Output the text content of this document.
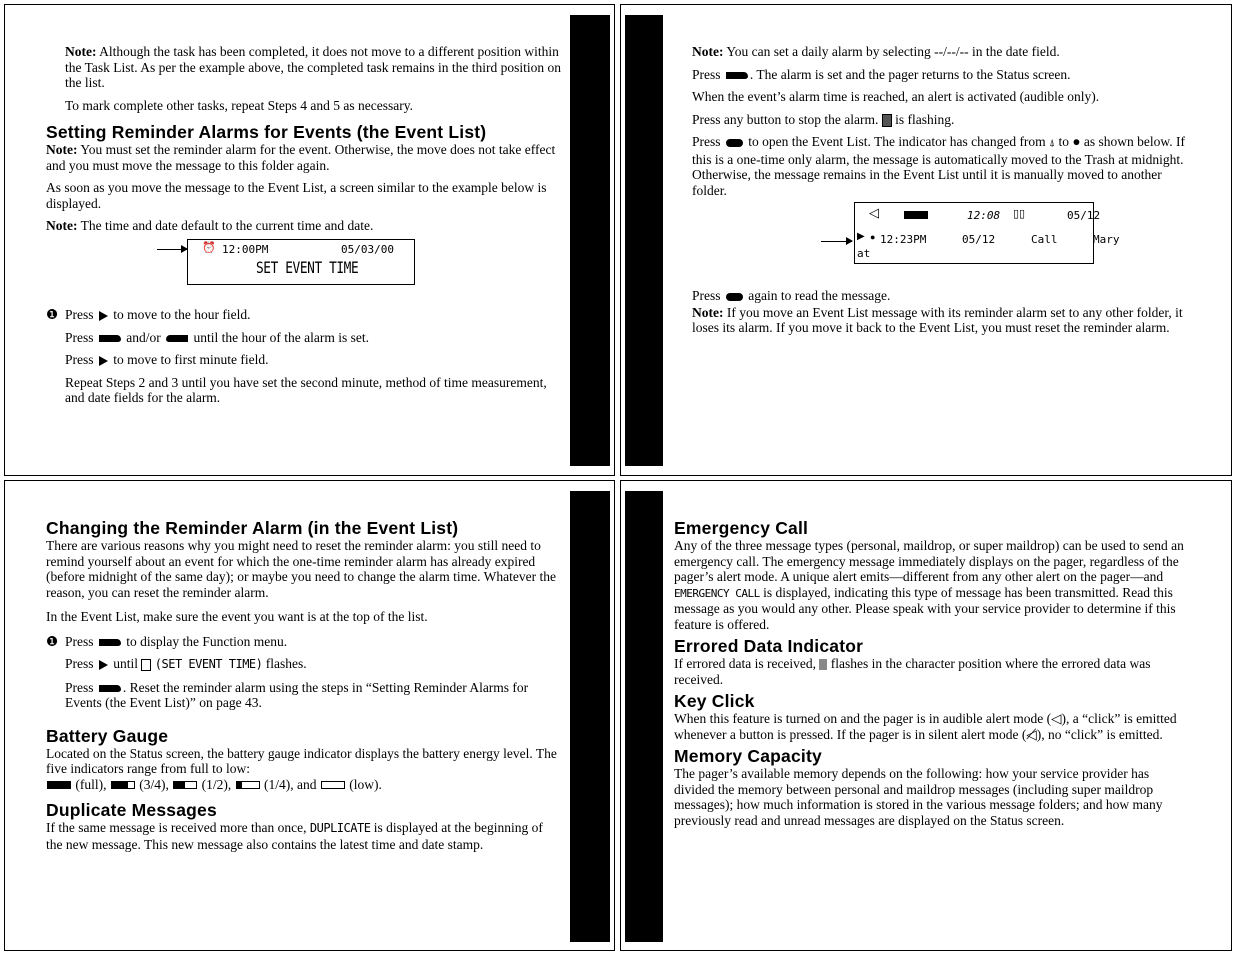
Note: Although the task has been completed, it does not move to a different position within the Task List. As per the example above, the completed task remains in the third position on the list.

To mark complete other tasks, repeat Steps 4 and 5 as necessary.

Setting Reminder Alarms for Events (the Event List)

Note: You must set the reminder alarm for the event. Otherwise, the move does not take effect and you must move the message to this folder again.

As soon as you move the message to the Event List, a screen similar to the example below is displayed.

Note: The time and date default to the current time and date.

⏰ 12:00PM	05/03/00
SET EVENT TIME

❶ Press  to move to the hour field.

Press  and/or  until the hour of the alarm is set.

Press  to move to first minute field.

Repeat Steps 2 and 3 until you have set the second minute, method of time measurement, and date fields for the alarm.

Note: You can set a daily alarm by selecting --/--/-- in the date field.

Press . The alarm is set and the pager returns to the Status screen.

When the event’s alarm time is reached, an alert is activated (audible only).

Press any button to stop the alarm.  is flashing.

Press  to open the Event List. The indicator has changed from ⍋ to ● as shown below. If this is a one-time only alarm, the message is automatically moved to the Trash at midnight. Otherwise, the message remains in the Event List until it is manually moved to another folder.

◁	12:08 ▯▯	05/12
▶ ● 12:23PM	05/12	Call	Mary
at

Press  again to read the message.

Note: If you move an Event List message with its reminder alarm set to any other folder, it loses its alarm. If you move it back to the Event List, you must reset the reminder alarm.

Changing the Reminder Alarm (in the Event List)

There are various reasons why you might need to reset the reminder alarm: you still need to remind yourself about an event for which the one-time reminder alarm has already expired (before midnight of the same day); or maybe you need to change the alarm time. Whatever the reason, you can reset the reminder alarm.

In the Event List, make sure the event you want is at the top of the list.

❶ Press  to display the Function menu.

Press  until  (SET EVENT TIME) flashes.

Press . Reset the reminder alarm using the steps in “Setting Reminder Alarms for Events (the Event List)” on page 43.

Battery Gauge

Located on the Status screen, the battery gauge indicator displays the battery energy level. The five indicators range from full to low:

(full),
(3/4),
(1/2),
(1/4), and
(low).

Duplicate Messages

If the same message is received more than once, DUPLICATE is displayed at the beginning of the new message. This new message also contains the latest time and date stamp.

Emergency Call

Any of the three message types (personal, maildrop, or super maildrop) can be used to send an emergency call. The emergency message immediately displays on the pager, regardless of the pager’s alert mode. A unique alert emits—different from any other alert on the pager—and EMERGENCY CALL is displayed, indicating this type of message has been transmitted. Read this message as you would any other. Please speak with your service provider to determine if this feature is offered.

Errored Data Indicator

If errored data is received,  flashes in the character position where the errored data was received.

Key Click

When this feature is turned on and the pager is in audible alert mode (◁), a “click” is emitted whenever a button is pressed. If the pager is in silent alert mode (◁̸), no “click” is emitted.

Memory Capacity

The pager’s available memory depends on the following: how your service provider has divided the memory between personal and maildrop messages (including super maildrop messages); how much information is stored in the various message folders; and how many previously read and unread messages are displayed on the Status screen.
